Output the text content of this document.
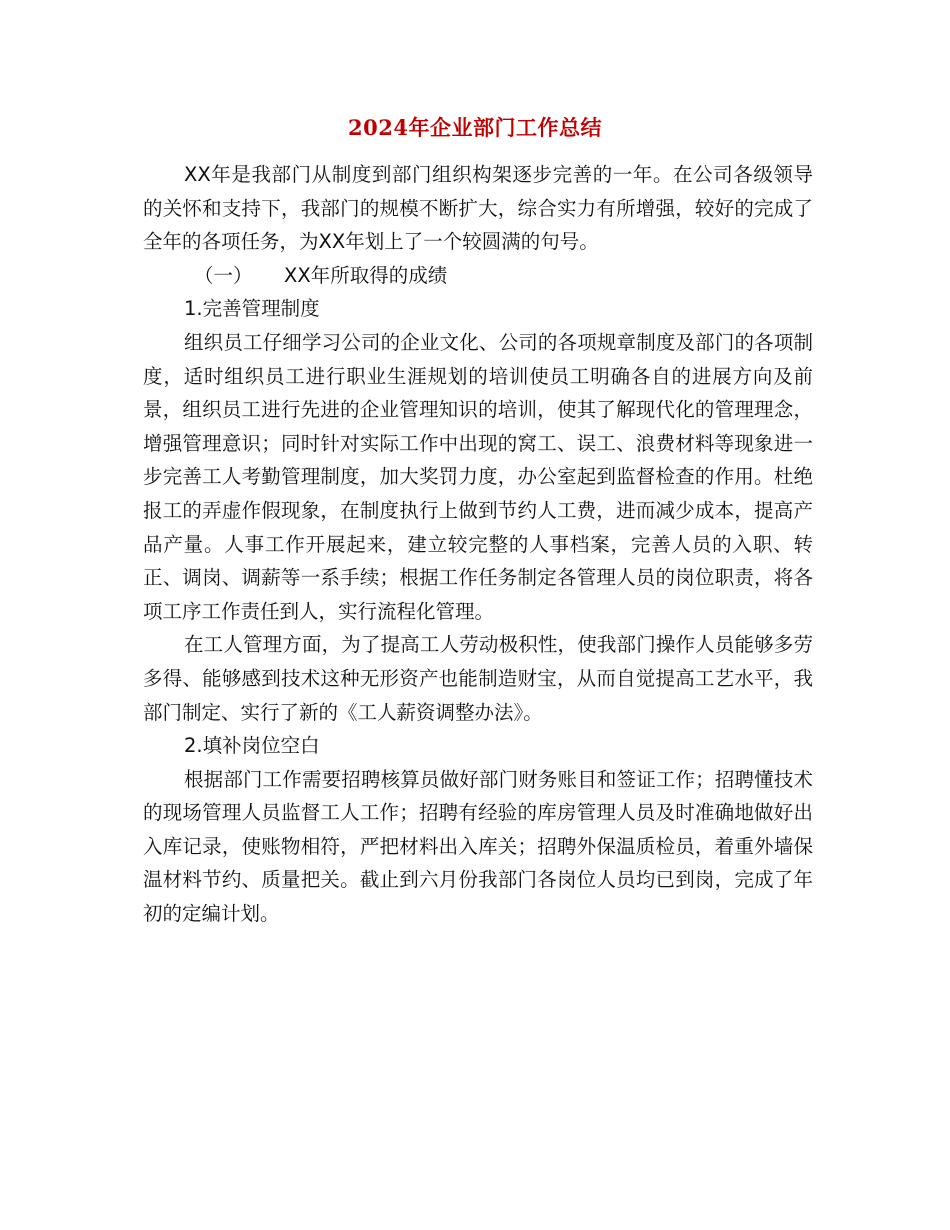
2024年企业部门工作总结

XX年是我部门从制度到部门组织构架逐步完善的一年。在公司各级领导的关怀和支持下，我部门的规模不断扩大，综合实力有所增强，较好的完成了全年的各项任务，为XX年划上了一个较圆满的句号。

（一） XX年所取得的成绩

1.完善管理制度

组织员工仔细学习公司的企业文化、公司的各项规章制度及部门的各项制度，适时组织员工进行职业生涯规划的培训使员工明确各自的进展方向及前景，组织员工进行先进的企业管理知识的培训，使其了解现代化的管理理念，增强管理意识；同时针对实际工作中出现的窝工、误工、浪费材料等现象进一步完善工人考勤管理制度，加大奖罚力度，办公室起到监督检查的作用。杜绝报工的弄虚作假现象，在制度执行上做到节约人工费，进而减少成本，提高产品产量。人事工作开展起来，建立较完整的人事档案，完善人员的入职、转正、调岗、调薪等一系手续；根据工作任务制定各管理人员的岗位职责，将各项工序工作责任到人，实行流程化管理。

在工人管理方面，为了提高工人劳动极积性，使我部门操作人员能够多劳多得、能够感到技术这种无形资产也能制造财宝，从而自觉提高工艺水平，我部门制定、实行了新的《工人薪资调整办法》。

2.填补岗位空白

根据部门工作需要招聘核算员做好部门财务账目和签证工作；招聘懂技术的现场管理人员监督工人工作；招聘有经验的库房管理人员及时准确地做好出入库记录，使账物相符，严把材料出入库关；招聘外保温质检员，着重外墙保温材料节约、质量把关。截止到六月份我部门各岗位人员均已到岗，完成了年初的定编计划。
